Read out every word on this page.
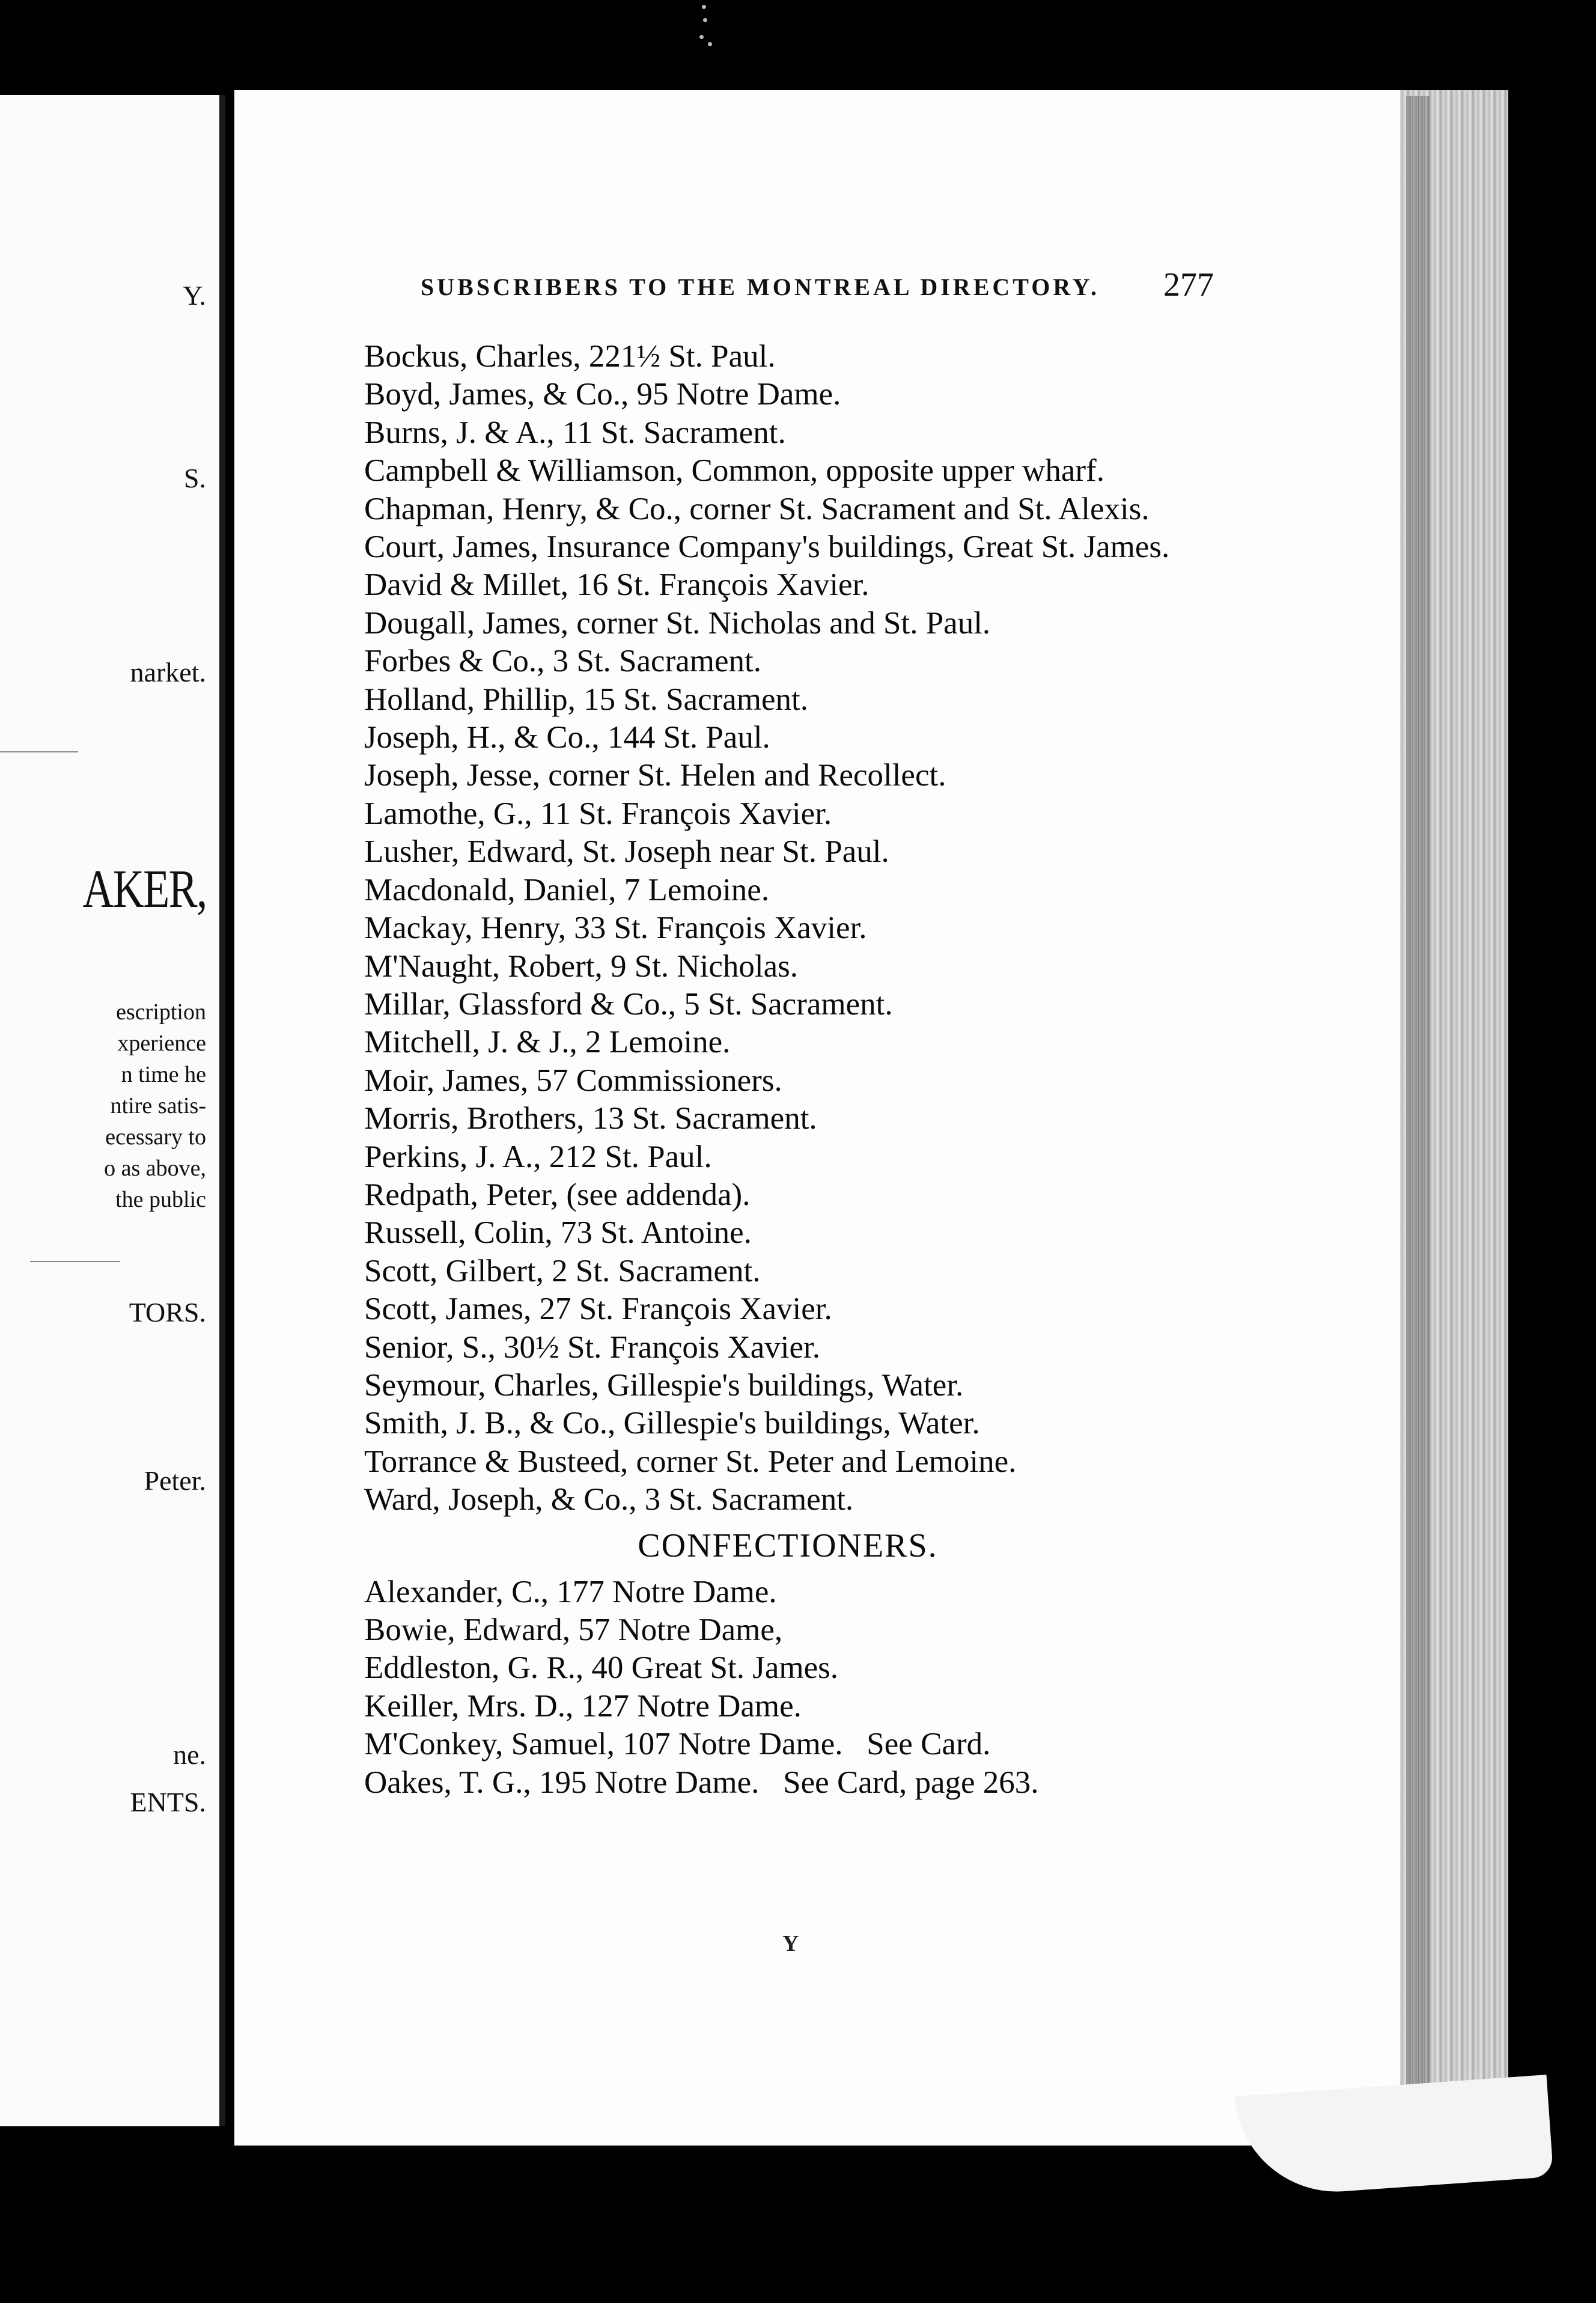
Y.
S.
narket.
AKER,
escription
xperience
n time he
ntire satis-
ecessary to
o as above,
the public
TORS.
Peter.
ne.
ENTS.
SUBSCRIBERS TO THE MONTREAL DIRECTORY. 277
Bockus, Charles, 221½ St. Paul.
Boyd, James, & Co., 95 Notre Dame.
Burns, J. & A., 11 St. Sacrament.
Campbell & Williamson, Common, opposite upper wharf.
Chapman, Henry, & Co., corner St. Sacrament and St. Alexis.
Court, James, Insurance Company's buildings, Great St. James.
David & Millet, 16 St. François Xavier.
Dougall, James, corner St. Nicholas and St. Paul.
Forbes & Co., 3 St. Sacrament.
Holland, Phillip, 15 St. Sacrament.
Joseph, H., & Co., 144 St. Paul.
Joseph, Jesse, corner St. Helen and Recollect.
Lamothe, G., 11 St. François Xavier.
Lusher, Edward, St. Joseph near St. Paul.
Macdonald, Daniel, 7 Lemoine.
Mackay, Henry, 33 St. François Xavier.
M'Naught, Robert, 9 St. Nicholas.
Millar, Glassford & Co., 5 St. Sacrament.
Mitchell, J. & J., 2 Lemoine.
Moir, James, 57 Commissioners.
Morris, Brothers, 13 St. Sacrament.
Perkins, J. A., 212 St. Paul.
Redpath, Peter, (see addenda).
Russell, Colin, 73 St. Antoine.
Scott, Gilbert, 2 St. Sacrament.
Scott, James, 27 St. François Xavier.
Senior, S., 30½ St. François Xavier.
Seymour, Charles, Gillespie's buildings, Water.
Smith, J. B., & Co., Gillespie's buildings, Water.
Torrance & Busteed, corner St. Peter and Lemoine.
Ward, Joseph, & Co., 3 St. Sacrament.
CONFECTIONERS.
Alexander, C., 177 Notre Dame.
Bowie, Edward, 57 Notre Dame,
Eddleston, G. R., 40 Great St. James.
Keiller, Mrs. D., 127 Notre Dame.
M'Conkey, Samuel, 107 Notre Dame.   See Card.
Oakes, T. G., 195 Notre Dame.   See Card, page 263.
Y
